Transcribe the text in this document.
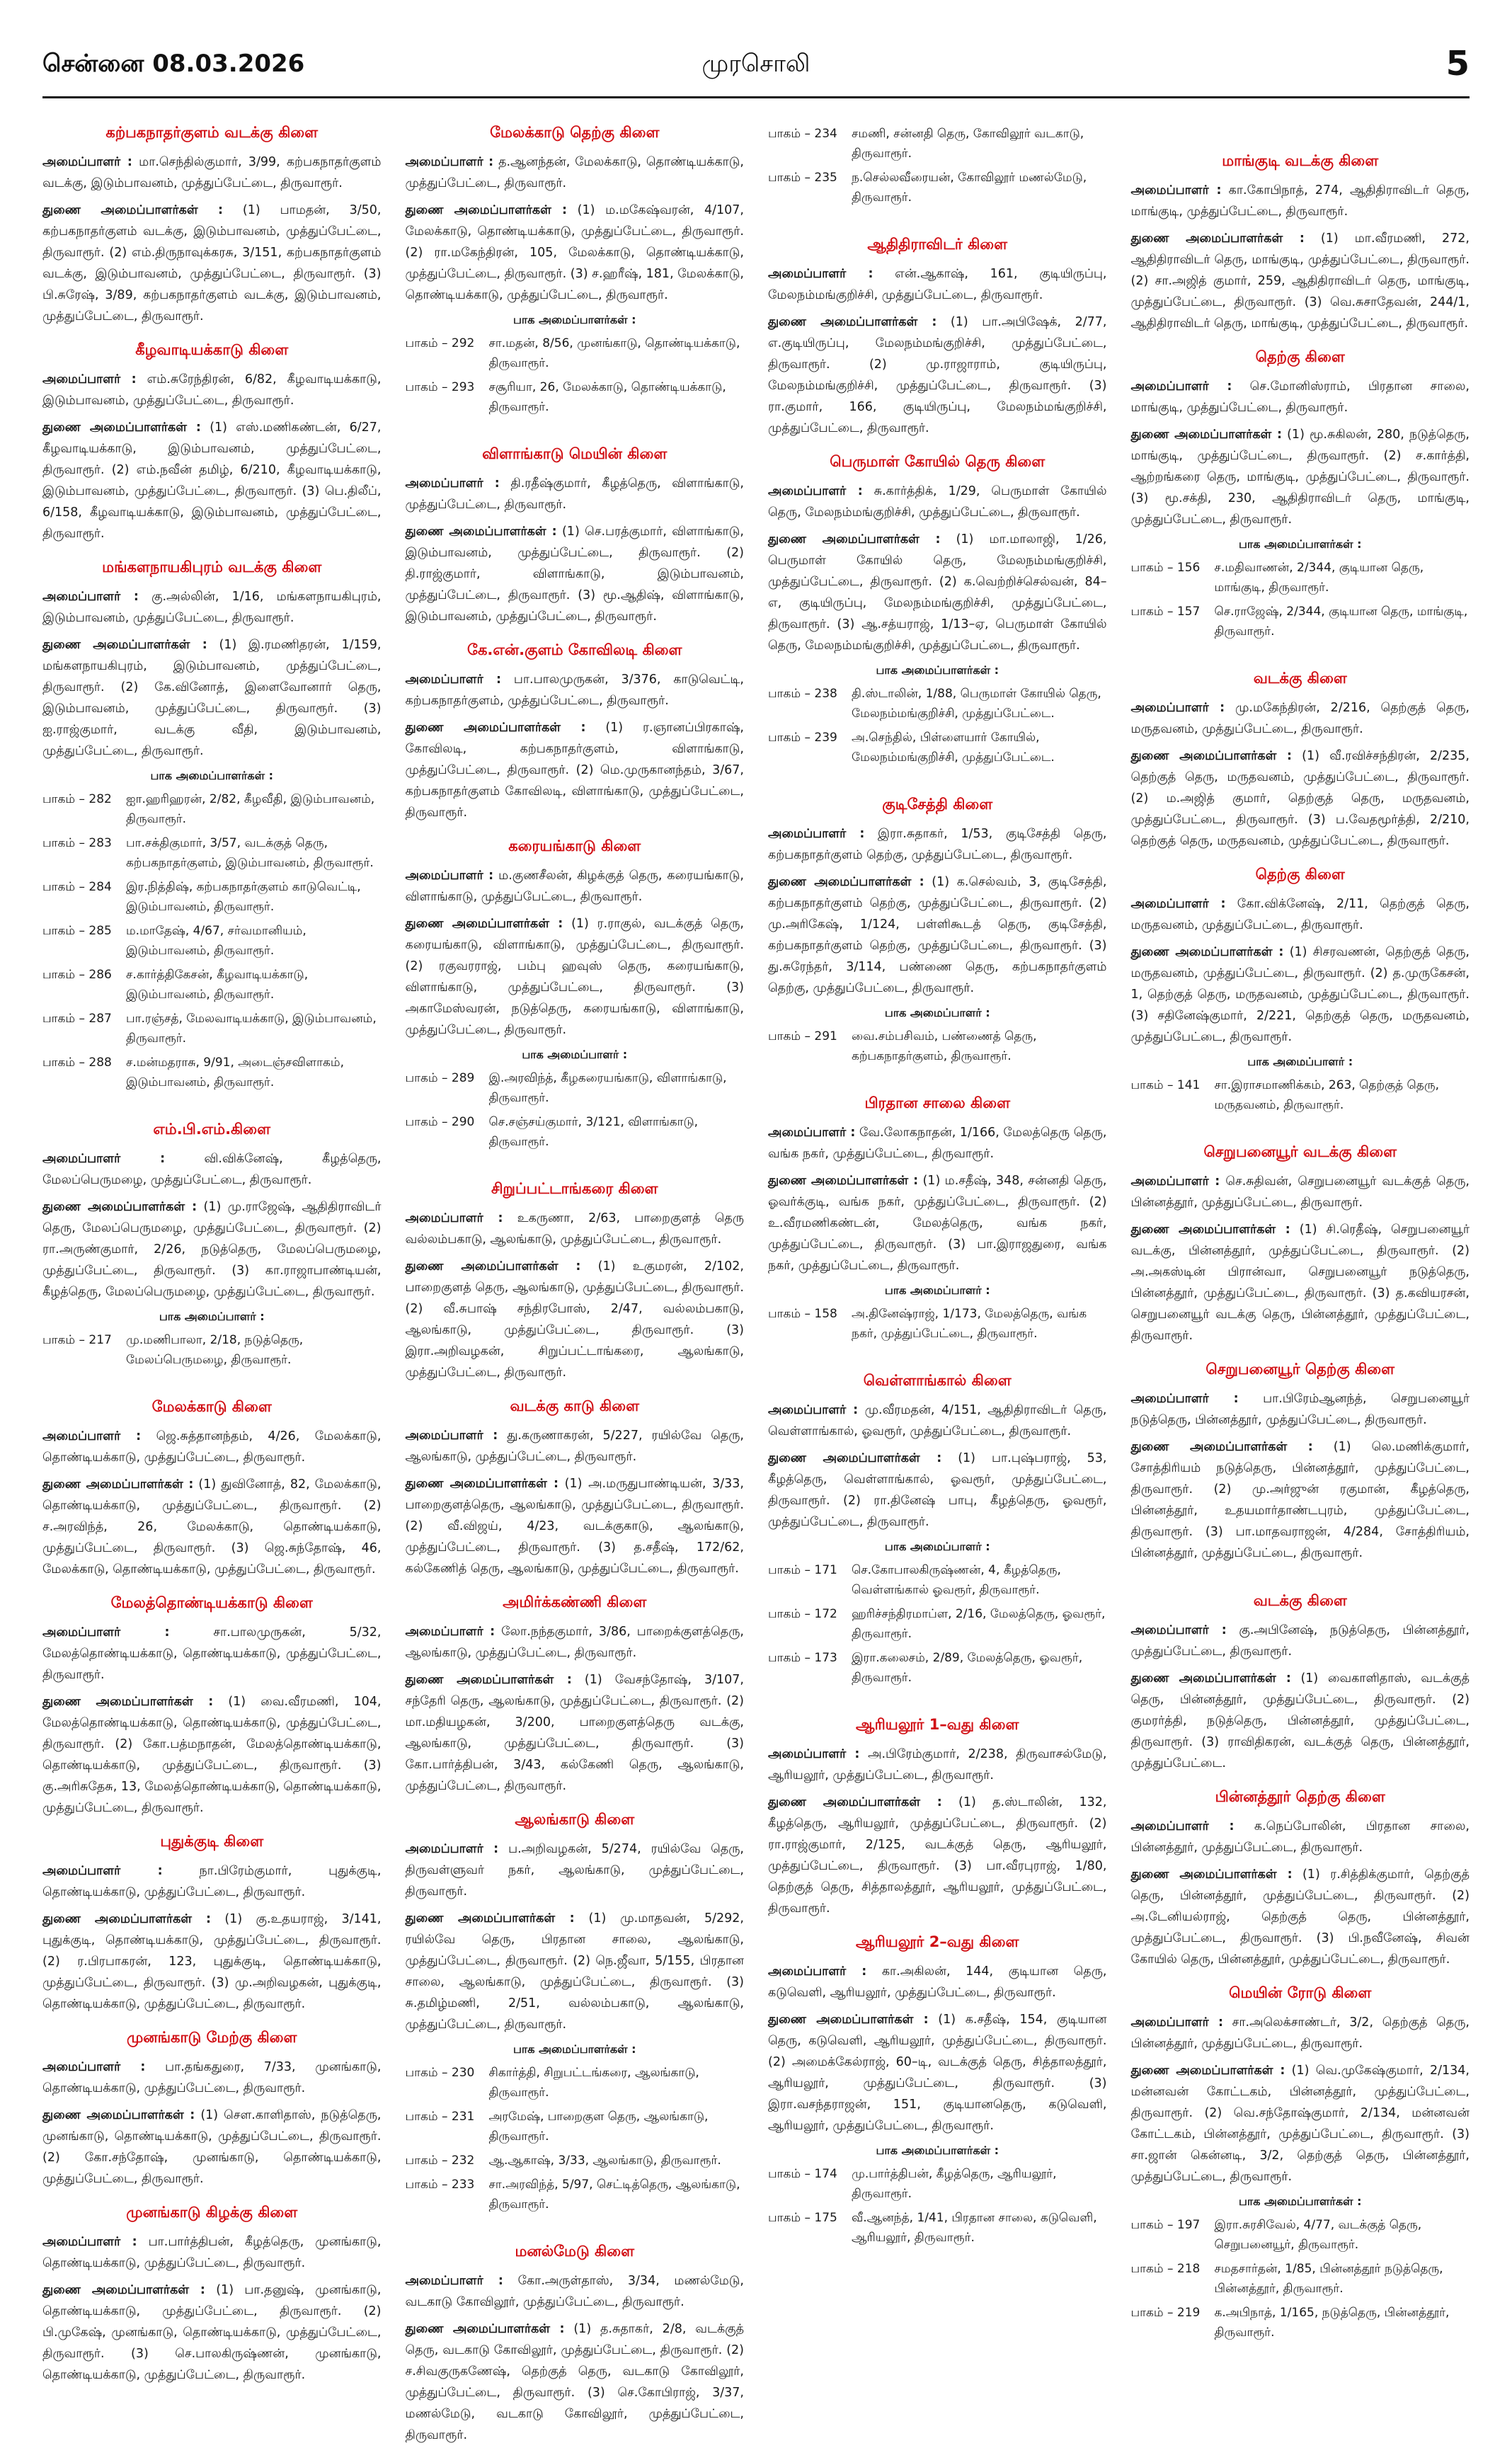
சென்னை 08.03.2026	முரசொலி	5
கற்பகநாதர்குளம் வடக்கு கிளை

அமைப்பாளர் : மா.செந்தில்குமார், 3/99, கற்பகநாதர்குளம் வடக்கு, இடும்பாவனம், முத்துப்பேட்டை, திருவாரூர்.

துணை அமைப்பாளர்கள் : (1) பாமதன், 3/50, கற்பகநாதர்குளம் வடக்கு, இடும்பாவனம், முத்துப்பேட்டை, திருவாரூர். (2) எம்.திருநாவுக்கரசு, 3/151, கற்பகநாதர்குளம் வடக்கு, இடும்பாவனம், முத்துப்பேட்டை, திருவாரூர். (3) பி.சுரேஷ், 3/89, கற்பகநாதர்குளம் வடக்கு, இடும்பாவனம், முத்துப்பேட்டை, திருவாரூர்.

கீழவாடியக்காடு கிளை

அமைப்பாளர் : எம்.சுரேந்திரன், 6/82, கீழவாடியக்காடு, இடும்பாவனம், முத்துப்பேட்டை, திருவாரூர்.

துணை அமைப்பாளர்கள் : (1) எஸ்.மணிகண்டன், 6/27, கீழவாடியக்காடு, இடும்பாவனம், முத்துப்பேட்டை, திருவாரூர். (2) எம்.நவீன் தமிழ், 6/210, கீழவாடியக்காடு, இடும்பாவனம், முத்துப்பேட்டை, திருவாரூர். (3) பெ.திலீப், 6/158, கீழவாடியக்காடு, இடும்பாவனம், முத்துப்பேட்டை, திருவாரூர்.

மங்களநாயகிபுரம் வடக்கு கிளை

அமைப்பாளர் : கு.அல்லின், 1/16, மங்களநாயகிபுரம், இடும்பாவனம், முத்துப்பேட்டை, திருவாரூர்.

துணை அமைப்பாளர்கள் : (1) இ.ரமணிதரன், 1/159, மங்களநாயகிபுரம், இடும்பாவனம், முத்துப்பேட்டை, திருவாரூர். (2) கே.வினோத், இளைவோனார் தெரு, இடும்பாவனம், முத்துப்பேட்டை, திருவாரூர். (3) ஐ.ராஜ்குமார், வடக்கு வீதி, இடும்பாவனம், முத்துப்பேட்டை, திருவாரூர்.

பாக அமைப்பாளர்கள் :
பாகம் – 282	ஐா.ஹரிஹரன், 2/82, கீழவீதி, இடும்பாவனம், திருவாரூர்.
பாகம் – 283	பா.சக்திகுமார், 3/57, வடக்குத் தெரு, கற்பகநாதர்குளம், இடும்பாவனம், திருவாரூர்.
பாகம் – 284	இர.நித்திஷ், கற்பகநாதர்குளம் காடுவெட்டி, இடும்பாவனம், திருவாரூர்.
பாகம் – 285	ம.மாதேஷ், 4/67, சர்வமானியம், இடும்பாவனம், திருவாரூர்.
பாகம் – 286	ச.கார்த்திகேசன், கீழவாடியக்காடு, இடும்பாவனம், திருவாரூர்.
பாகம் – 287	பா.ரஞ்சத், மேலவாடியக்காடு, இடும்பாவனம், திருவாரூர்.
பாகம் – 288	ச.மன்மதராசு, 9/91, அடைஞ்சவிளாகம், இடும்பாவனம், திருவாரூர்.
எம்.பி.எம்.கிளை

அமைப்பாளர் :	வி.விக்னேஷ், கீழத்தெரு, மேலப்பெருமழை, முத்துப்பேட்டை, திருவாரூர்.

துணை அமைப்பாளர்கள் : (1) மு.ராஜேஷ், ஆதிதிராவிடர் தெரு, மேலப்பெருமழை, முத்துப்பேட்டை, திருவாரூர். (2) ரா.அருண்குமார், 2/26, நடுத்தெரு, மேலப்பெருமழை, முத்துப்பேட்டை, திருவாரூர். (3) கா.ராஜாபாண்டியன், கீழத்தெரு, மேலப்பெருமழை, முத்துப்பேட்டை, திருவாரூர்.

பாக அமைப்பாளர் :
பாகம் – 217	மு.மணிபாலா, 2/18, நடுத்தெரு, மேலப்பெருமழை, திருவாரூர்.
மேலக்காடு கிளை

அமைப்பாளர் : ஜெ.சுத்தானந்தம், 4/26, மேலக்காடு, தொண்டியக்காடு, முத்துப்பேட்டை, திருவாரூர்.

துணை அமைப்பாளர்கள் : (1) துவினோத், 82, மேலக்காடு, தொண்டியக்காடு, முத்துப்பேட்டை, திருவாரூர். (2) ச.அரவிந்த், 26, மேலக்காடு, தொண்டியக்காடு, முத்துப்பேட்டை, திருவாரூர். (3) ஜெ.சுந்தோஷ், 46, மேலக்காடு, தொண்டியக்காடு, முத்துப்பேட்டை, திருவாரூர்.

மேலத்தொண்டியக்காடு கிளை

அமைப்பாளர் :	சா.பாலமுருகன், 5/32, மேலத்தொண்டியக்காடு, தொண்டியக்காடு, முத்துப்பேட்டை, திருவாரூர்.

துணை அமைப்பாளர்கள் : (1) வை.வீரமணி, 104, மேலத்தொண்டியக்காடு, தொண்டியக்காடு, முத்துப்பேட்டை, திருவாரூர். (2) கோ.பத்மநாதன், மேலத்தொண்டியக்காடு, தொண்டியக்காடு, முத்துப்பேட்டை, திருவாரூர். (3) கு.அரிசுதேசு, 13, மேலத்தொண்டியக்காடு, தொண்டியக்காடு, முத்துப்பேட்டை, திருவாரூர்.

புதுக்குடி கிளை

அமைப்பாளர் :	நா.பிரேம்குமார், புதுக்குடி, தொண்டியக்காடு, முத்துப்பேட்டை, திருவாரூர்.

துணை அமைப்பாளர்கள் : (1) கு.உதயராஜ், 3/141, புதுக்குடி, தொண்டியக்காடு, முத்துப்பேட்டை, திருவாரூர். (2) ர.பிரபாகரன், 123, புதுக்குடி, தொண்டியக்காடு, முத்துப்பேட்டை, திருவாரூர். (3) மு.அறிவழகன், புதுக்குடி, தொண்டியக்காடு, முத்துப்பேட்டை, திருவாரூர்.

முனங்காடு மேற்கு கிளை

அமைப்பாளர் : பா.தங்கதுரை, 7/33, முனங்காடு, தொண்டியக்காடு, முத்துப்பேட்டை, திருவாரூர்.

துணை அமைப்பாளர்கள் : (1) செள.காளிதாஸ், நடுத்தெரு, முனங்காடு, தொண்டியக்காடு, முத்துப்பேட்டை, திருவாரூர். (2) கோ.சந்தோஷ், முனங்காடு, தொண்டியக்காடு, முத்துப்பேட்டை, திருவாரூர்.

முனங்காடு கிழக்கு கிளை

அமைப்பாளர் : பா.பார்த்திபன், கீழத்தெரு, முனங்காடு, தொண்டியக்காடு, முத்துப்பேட்டை, திருவாரூர்.

துணை அமைப்பாளர்கள் : (1) பா.தனுஷ், முனங்காடு, தொண்டியக்காடு, முத்துப்பேட்டை, திருவாரூர். (2) பி.முகேஷ், முனங்காடு, தொண்டியக்காடு, முத்துப்பேட்டை, திருவாரூர். (3) செ.பாலகிருஷ்ணன், முனங்காடு, தொண்டியக்காடு, முத்துப்பேட்டை, திருவாரூர்.

மேலக்காடு தெற்கு கிளை

அமைப்பாளர் : த.ஆனந்தன், மேலக்காடு, தொண்டியக்காடு, முத்துப்பேட்டை, திருவாரூர்.

துணை அமைப்பாளர்கள் : (1) ம.மகேஷ்வரன், 4/107, மேலக்காடு, தொண்டியக்காடு, முத்துப்பேட்டை, திருவாரூர். (2) ரா.மகேந்திரன், 105, மேலக்காடு, தொண்டியக்காடு, முத்துப்பேட்டை, திருவாரூர். (3) ச.ஹரீஷ், 181, மேலக்காடு, தொண்டியக்காடு, முத்துப்பேட்டை, திருவாரூர்.

பாக அமைப்பாளர்கள் :
பாகம் – 292	சா.மதன், 8/56, முனங்காடு, தொண்டியக்காடு, திருவாரூர்.
பாகம் – 293	சசூரியா, 26, மேலக்காடு, தொண்டியக்காடு, திருவாரூர்.
விளாங்காடு மெயின் கிளை

அமைப்பாளர் : தி.ரதீஷ்குமார், கீழத்தெரு, விளாங்காடு, முத்துப்பேட்டை, திருவாரூர்.

துணை அமைப்பாளர்கள் : (1) செ.பரத்குமார், விளாங்காடு, இடும்பாவனம், முத்துப்பேட்டை, திருவாரூர். (2) தி.ராஜ்குமார், விளாங்காடு, இடும்பாவனம், முத்துப்பேட்டை, திருவாரூர். (3) மூ.ஆதிஷ், விளாங்காடு, இடும்பாவனம், முத்துப்பேட்டை, திருவாரூர்.

கே.என்.குளம் கோவிலடி கிளை

அமைப்பாளர் : பா.பாலமுருகன், 3/376, காடுவெட்டி, கற்பகநாதர்குளம், முத்துப்பேட்டை, திருவாரூர்.

துணை அமைப்பாளர்கள் : (1) ர.ஞானப்பிரகாஷ், கோவிலடி, கற்பகநாதர்குளம், விளாங்காடு, முத்துப்பேட்டை, திருவாரூர். (2) மெ.முருகானந்தம், 3/67, கற்பகநாதர்குளம் கோவிலடி, விளாங்காடு, முத்துப்பேட்டை, திருவாரூர்.

கரையங்காடு கிளை

அமைப்பாளர் : ம.குணசீலன், கிழக்குத் தெரு, கரையங்காடு, விளாங்காடு, முத்துப்பேட்டை, திருவாரூர்.

துணை அமைப்பாளர்கள் : (1) ர.ராகுல், வடக்குத் தெரு, கரையங்காடு, விளாங்காடு, முத்துப்பேட்டை, திருவாரூர். (2) ரகுவரராஜ், பம்பு ஹவுஸ் தெரு, கரையங்காடு, விளாங்காடு, முத்துப்பேட்டை, திருவாரூர். (3) அகாமேஸ்வரன், நடுத்தெரு, கரையங்காடு, விளாங்காடு, முத்துப்பேட்டை, திருவாரூர்.

பாக அமைப்பாளர் :
பாகம் – 289	இ.அரவிந்த், கீழகரையங்காடு, விளாங்காடு, திருவாரூர்.
பாகம் – 290	செ.சஞ்சய்குமார், 3/121, விளாங்காடு, திருவாரூர்.
சிறுப்பட்டாங்கரை கிளை

அமைப்பாளர் : உகருணா, 2/63, பாறைகுளத் தெரு வல்லம்பகாடு, ஆலங்காடு, முத்துப்பேட்டை, திருவாரூர்.

துணை அமைப்பாளர்கள் : (1) உகுமரன், 2/102, பாறைகுளத் தெரு, ஆலங்காடு, முத்துப்பேட்டை, திருவாரூர். (2) வீ.சுபாஷ் சந்திரபோஸ், 2/47, வல்லம்பகாடு, ஆலங்காடு, முத்துப்பேட்டை, திருவாரூர். (3) இரா.அறிவழகன், சிறுப்பட்டாங்கரை, ஆலங்காடு, முத்துப்பேட்டை, திருவாரூர்.

வடக்கு காடு கிளை

அமைப்பாளர் : து.கருணாகரன், 5/227, ரயில்வே தெரு, ஆலங்காடு, முத்துப்பேட்டை, திருவாரூர்.

துணை அமைப்பாளர்கள் : (1) அ.மருதுபாண்டியன், 3/33, பாறைகுளத்தெரு, ஆலங்காடு, முத்துப்பேட்டை, திருவாரூர். (2) வீ.விஜய், 4/23, வடக்குகாடு, ஆலங்காடு, முத்துப்பேட்டை, திருவாரூர். (3) த.சதீஷ், 172/62, கல்கேணித் தெரு, ஆலங்காடு, முத்துப்பேட்டை, திருவாரூர்.

அமிர்க்கண்ணி கிளை

அமைப்பாளர் : லோ.நந்தகுமார், 3/86, பாறைக்குளத்தெரு, ஆலங்காடு, முத்துப்பேட்டை, திருவாரூர்.

துணை அமைப்பாளர்கள் : (1) வேசந்தோஷ், 3/107, சந்தேரி தெரு, ஆலங்காடு, முத்துப்பேட்டை, திருவாரூர். (2) மா.மதியழகன், 3/200, பாறைகுளத்தெரு வடக்கு, ஆலங்காடு, முத்துப்பேட்டை, திருவாரூர். (3) கோ.பார்த்திபன், 3/43, கல்கேணி தெரு, ஆலங்காடு, முத்துப்பேட்டை, திருவாரூர்.

ஆலங்காடு கிளை

அமைப்பாளர் : ப.அறிவழகன், 5/274, ரயில்வே தெரு, திருவள்ளுவர் நகர், ஆலங்காடு, முத்துப்பேட்டை, திருவாரூர்.

துணை அமைப்பாளர்கள் : (1) மு.மாதவன், 5/292, ரயில்வே தெரு, பிரதான சாலை, ஆலங்காடு, முத்துப்பேட்டை, திருவாரூர். (2) நெ.ஜீவா, 5/155, பிரதான சாலை, ஆலங்காடு, முத்துப்பேட்டை, திருவாரூர். (3) சு.தமிழ்மணி, 2/51, வல்லம்பகாடு, ஆலங்காடு, முத்துப்பேட்டை, திருவாரூர்.

பாக அமைப்பாளர்கள் :
பாகம் – 230	சிகார்த்தி, சிறுபட்டங்கரை, ஆலங்காடு, திருவாரூர்.
பாகம் – 231	அரமேஷ், பாறைகுள தெரு, ஆலங்காடு, திருவாரூர்.
பாகம் – 232	ஆ.ஆகாஷ், 3/33, ஆலங்காடு, திருவாரூர்.
பாகம் – 233	சா.அரவிந்த், 5/97, செட்டித்தெரு, ஆலங்காடு, திருவாரூர்.
மனல்மேடு கிளை

அமைப்பாளர் : கோ.அருள்தாஸ், 3/34, மணல்மேடு, வடகாடு கோவிலூர், முத்துப்பேட்டை, திருவாரூர்.

துணை அமைப்பாளர்கள் : (1) த.சுதாகர், 2/8, வடக்குத் தெரு, வடகாடு கோவிலூர், முத்துப்பேட்டை, திருவாரூர். (2) ச.சிவகுருகணேஷ், தெற்குத் தெரு, வடகாடு கோவிலூர், முத்துப்பேட்டை, திருவாரூர். (3) செ.கோபிராஜ், 3/37, மணல்மேடு, வடகாடு கோவிலூர், முத்துப்பேட்டை, திருவாரூர்.

பாகம் – 234	சமணி, சன்னதி தெரு, கோவிலூர் வடகாடு, திருவாரூர்.
பாகம் – 235	ந.செல்லவீரையன், கோவிலூர் மணல்மேடு, திருவாரூர்.
ஆதிதிராவிடர் கிளை

அமைப்பாளர் : என்.ஆகாஷ், 161, குடியிருப்பு, மேலநம்மங்குறிச்சி, முத்துப்பேட்டை, திருவாரூர்.

துணை அமைப்பாளர்கள் : (1) பா.அபிஷேக், 2/77, எ.குடியிருப்பு, மேலநம்மங்குறிச்சி, முத்துப்பேட்டை, திருவாரூர். (2) மு.ராஜாராம், குடியிருப்பு, மேலநம்மங்குறிச்சி, முத்துப்பேட்டை, திருவாரூர். (3) ரா.குமார், 166, குடியிருப்பு, மேலநம்மங்குறிச்சி, முத்துப்பேட்டை, திருவாரூர்.

பெருமாள் கோயில் தெரு கிளை

அமைப்பாளர் : சு.கார்த்திக், 1/29, பெருமாள் கோயில் தெரு, மேலநம்மங்குறிச்சி, முத்துப்பேட்டை, திருவாரூர்.

துணை அமைப்பாளர்கள் : (1) மா.மாலாஜி, 1/26, பெருமாள் கோயில் தெரு, மேலநம்மங்குறிச்சி, முத்துப்பேட்டை, திருவாரூர். (2) க.வெற்றிச்செல்வன், 84–எ, குடியிருப்பு, மேலநம்மங்குறிச்சி, முத்துப்பேட்டை, திருவாரூர். (3) ஆ.சத்யராஜ், 1/13–ஏ, பெருமாள் கோயில் தெரு, மேலநம்மங்குறிச்சி, முத்துப்பேட்டை, திருவாரூர்.

பாக அமைப்பாளர்கள் :
பாகம் – 238	தி.ஸ்டாலின், 1/88, பெருமாள் கோயில் தெரு, மேலநம்மங்குறிச்சி, முத்துப்பேட்டை.
பாகம் – 239	அ.செந்தில், பிள்ளையார் கோயில், மேலநம்மங்குறிச்சி, முத்துப்பேட்டை.
குடிசேத்தி கிளை

அமைப்பாளர் : இரா.சுதாகர், 1/53, குடிசேத்தி தெரு, கற்பகநாதர்குளம் தெற்கு, முத்துப்பேட்டை, திருவாரூர்.

துணை அமைப்பாளர்கள் : (1) க.செல்வம், 3, குடிசேத்தி, கற்பகநாதர்குளம் தெற்கு, முத்துப்பேட்டை, திருவாரூர். (2) மு.அரிகேஷ், 1/124, பள்ளிகூடத் தெரு, குடிசேத்தி, கற்பகநாதர்குளம் தெற்கு, முத்துப்பேட்டை, திருவாரூர். (3) து.சுரேந்தர், 3/114, பண்ணை தெரு, கற்பகநாதர்குளம் தெற்கு, முத்துப்பேட்டை, திருவாரூர்.

பாக அமைப்பாளர் :
பாகம் – 291	வை.சம்பசிவம், பண்ணைத் தெரு, கற்பகநாதர்குளம், திருவாரூர்.
பிரதான சாலை கிளை

அமைப்பாளர் : வே.லோகநாதன், 1/166, மேலத்தெரு தெரு, வங்க நகர், முத்துப்பேட்டை, திருவாரூர்.

துணை அமைப்பாளர்கள் : (1) ம.சதீஷ், 348, சன்னதி தெரு, ஓவர்க்குடி, வங்க நகர், முத்துப்பேட்டை, திருவாரூர். (2) உ.வீரமணிகண்டன், மேலத்தெரு, வங்க நகர், முத்துப்பேட்டை, திருவாரூர். (3) பா.இராஜதுரை, வங்க நகர், முத்துப்பேட்டை, திருவாரூர்.

பாக அமைப்பாளர் :
பாகம் – 158	அ.தினேஷ்ராஜ், 1/173, மேலத்தெரு, வங்க நகர், முத்துப்பேட்டை, திருவாரூர்.
வெள்ளாங்கால் கிளை

அமைப்பாளர் : மு.வீரமதன், 4/151, ஆதிதிராவிடர் தெரு, வெள்ளாங்கால், ஓவரூர், முத்துப்பேட்டை, திருவாரூர்.

துணை அமைப்பாளர்கள் : (1) பா.புஷ்பராஜ், 53, கீழத்தெரு, வெள்ளாங்கால், ஓவரூர், முத்துப்பேட்டை, திருவாரூர். (2) ரா.தினேஷ் பாபு, கீழத்தெரு, ஓவரூர், முத்துப்பேட்டை, திருவாரூர்.

பாக அமைப்பாளர் :
பாகம் – 171	செ.கோபாலகிருஷ்ணன், 4, கீழத்தெரு, வெள்ளங்கால் ஓவரூர், திருவாரூர்.
பாகம் – 172	ஹரிச்சந்திரமாப்ள, 2/16, மேலத்தெரு, ஓவரூர், திருவாரூர்.
பாகம் – 173	இரா.கலைசம், 2/89, மேலத்தெரு, ஓவரூர், திருவாரூர்.
ஆரியலூர் 1–வது கிளை

அமைப்பாளர் : அ.பிரேம்குமார், 2/238, திருவாசல்மேடு, ஆரியலூர், முத்துப்பேட்டை, திருவாரூர்.

துணை அமைப்பாளர்கள் : (1) த.ஸ்டாலின், 132, கீழத்தெரு, ஆரியலூர், முத்துப்பேட்டை, திருவாரூர். (2) ரா.ராஜ்குமார், 2/125, வடக்குத் தெரு, ஆரியலூர், முத்துப்பேட்டை, திருவாரூர். (3) பா.வீரபுராஜ், 1/80, தெற்குத் தெரு, சித்தாலத்தூர், ஆரியலூர், முத்துப்பேட்டை, திருவாரூர்.

ஆரியலூர் 2–வது கிளை

அமைப்பாளர் : கா.அகிலன், 144, குடியான தெரு, கடுவெளி, ஆரியலூர், முத்துப்பேட்டை, திருவாரூர்.

துணை அமைப்பாளர்கள் : (1) க.சதீஷ், 154, குடியான தெரு, கடுவெளி, ஆரியலூர், முத்துப்பேட்டை, திருவாரூர். (2) அமைக்கேல்ராஜ், 60–டி, வடக்குத் தெரு, சித்தாலத்தூர், ஆரியலூர், முத்துப்பேட்டை, திருவாரூர். (3) இரா.வசந்தராஜன், 151, குடியானதெரு, கடுவெளி, ஆரியலூர், முத்துப்பேட்டை, திருவாரூர்.

பாக அமைப்பாளர்கள் :
பாகம் – 174	மு.பார்த்திபன், கீழத்தெரு, ஆரியலூர், திருவாரூர்.
பாகம் – 175	வீ.ஆனந்த், 1/41, பிரதான சாலை, கடுவெளி, ஆரியலூர், திருவாரூர்.
மாங்குடி வடக்கு கிளை

அமைப்பாளர் : கா.கோபிநாத், 274, ஆதிதிராவிடர் தெரு, மாங்குடி, முத்துப்பேட்டை, திருவாரூர்.

துணை அமைப்பாளர்கள் : (1) மா.வீரமணி, 272, ஆதிதிராவிடர் தெரு, மாங்குடி, முத்துப்பேட்டை, திருவாரூர். (2) சா.அஜித் குமார், 259, ஆதிதிராவிடர் தெரு, மாங்குடி, முத்துப்பேட்டை, திருவாரூர். (3) வெ.சுசாதேவன், 244/1, ஆதிதிராவிடர் தெரு, மாங்குடி, முத்துப்பேட்டை, திருவாரூர்.

தெற்கு கிளை

அமைப்பாளர் : செ.மோனிஸ்ராம், பிரதான சாலை, மாங்குடி, முத்துப்பேட்டை, திருவாரூர்.

துணை அமைப்பாளர்கள் : (1) மூ.சுகிலன், 280, நடுத்தெரு, மாங்குடி, முத்துப்பேட்டை, திருவாரூர். (2) ச.கார்த்தி, ஆற்றங்கரை தெரு, மாங்குடி, முத்துப்பேட்டை, திருவாரூர். (3) மூ.சக்தி, 230, ஆதிதிராவிடர் தெரு, மாங்குடி, முத்துப்பேட்டை, திருவாரூர்.

பாக அமைப்பாளர்கள் :
பாகம் – 156	ச.மதிவாணன், 2/344, குடியான தெரு, மாங்குடி, திருவாரூர்.
பாகம் – 157	செ.ராஜேஷ், 2/344, குடியான தெரு, மாங்குடி, திருவாரூர்.
வடக்கு கிளை

அமைப்பாளர் : மு.மகேந்திரன், 2/216, தெற்குத் தெரு, மருதவனம், முத்துப்பேட்டை, திருவாரூர்.

துணை அமைப்பாளர்கள் : (1) வீ.ரவிச்சந்திரன், 2/235, தெற்குத் தெரு, மருதவனம், முத்துப்பேட்டை, திருவாரூர். (2) ம.அஜித் குமார், தெற்குத் தெரு, மருதவனம், முத்துப்பேட்டை, திருவாரூர். (3) ப.வேதமூர்த்தி, 2/210, தெற்குத் தெரு, மருதவனம், முத்துப்பேட்டை, திருவாரூர்.

தெற்கு கிளை

அமைப்பாளர் : கோ.விக்னேஷ், 2/11, தெற்குத் தெரு, மருதவனம், முத்துப்பேட்டை, திருவாரூர்.

துணை அமைப்பாளர்கள் : (1) சிசரவணன், தெற்குத் தெரு, மருதவனம், முத்துப்பேட்டை, திருவாரூர். (2) த.முருகேசன், 1, தெற்குத் தெரு, மருதவனம், முத்துப்பேட்டை, திருவாரூர். (3) சதினேஷ்குமார், 2/221, தெற்குத் தெரு, மருதவனம், முத்துப்பேட்டை, திருவாரூர்.

பாக அமைப்பாளர் :
பாகம் – 141	சா.இராசமாணிக்கம், 263, தெற்குத் தெரு, மருதவனம், திருவாரூர்.
செறுபனையூர் வடக்கு கிளை

அமைப்பாளர் : செ.சுதிவன், செறுபனையூர் வடக்குத் தெரு, பின்னத்தூர், முத்துப்பேட்டை, திருவாரூர்.

துணை அமைப்பாளர்கள் : (1) சி.ரெதீஷ், செறுபனையூர் வடக்கு, பின்னத்தூர், முத்துப்பேட்டை, திருவாரூர். (2) அ.அகஸ்டின் பிரான்வா, செறுபனையூர் நடுத்தெரு, பின்னத்தூர், முத்துப்பேட்டை, திருவாரூர். (3) த.கவியரசன், செறுபனையூர் வடக்கு தெரு, பின்னத்தூர், முத்துப்பேட்டை, திருவாரூர்.

செறுபனையூர் தெற்கு கிளை

அமைப்பாளர் : பா.பிரேம்ஆனந்த், செறுபனையூர் நடுத்தெரு, பின்னத்தூர், முத்துப்பேட்டை, திருவாரூர்.

துணை அமைப்பாளர்கள் : (1) லெ.மணிக்குமார், சோத்திரியம் நடுத்தெரு, பின்னத்தூர், முத்துப்பேட்டை, திருவாரூர். (2) மு.அர்ஜுன் ரகுமான், கீழத்தெரு, பின்னத்தூர், உதயமார்தாண்டபுரம், முத்துப்பேட்டை, திருவாரூர். (3) பா.மாதவராஜன், 4/284, சோத்திரியம், பின்னத்தூர், முத்துப்பேட்டை, திருவாரூர்.

வடக்கு கிளை

அமைப்பாளர் : கு.அபினேஷ், நடுத்தெரு, பின்னத்தூர், முத்துப்பேட்டை, திருவாரூர்.

துணை அமைப்பாளர்கள் : (1) வைகாளிதாஸ், வடக்குத் தெரு, பின்னத்தூர், முத்துப்பேட்டை, திருவாரூர். (2) குமரர்த்தி, நடுத்தெரு, பின்னத்தூர், முத்துப்பேட்டை, திருவாரூர். (3) ராவிதிகரன், வடக்குத் தெரு, பின்னத்தூர், முத்துப்பேட்டை.

பின்னத்தூர் தெற்கு கிளை

அமைப்பாளர் : க.நெப்போலின், பிரதான சாலை, பின்னத்தூர், முத்துப்பேட்டை, திருவாரூர்.

துணை அமைப்பாளர்கள் : (1) ர.சித்திக்குமார், தெற்குத் தெரு, பின்னத்தூர், முத்துப்பேட்டை, திருவாரூர். (2) அ.டேனியல்ராஜ், தெற்குத் தெரு, பின்னத்தூர், முத்துப்பேட்டை, திருவாரூர். (3) பி.நவீனேஷ், சிவன் கோயில் தெரு, பின்னத்தூர், முத்துப்பேட்டை, திருவாரூர்.

மெயின் ரோடு கிளை

அமைப்பாளர் : சா.அலெக்சாண்டர், 3/2, தெற்குத் தெரு, பின்னத்தூர், முத்துப்பேட்டை, திருவாரூர்.

துணை அமைப்பாளர்கள் : (1) வெ.முகேஷ்குமார், 2/134, மன்னவன் கோட்டகம், பின்னத்தூர், முத்துப்பேட்டை, திருவாரூர். (2) வெ.சந்தோஷ்குமார், 2/134, மன்னவன் கோட்டகம், பின்னத்தூர், முத்துப்பேட்டை, திருவாரூர். (3) சா.ஜான் கென்னடி, 3/2, தெற்குத் தெரு, பின்னத்தூர், முத்துப்பேட்டை, திருவாரூர்.

பாக அமைப்பாளர்கள் :
பாகம் – 197	இரா.சுரசிவேல், 4/77, வடக்குத் தெரு, செறுபனையூர், திருவாரூர்.
பாகம் – 218	சமதசார்தன், 1/85, பின்னத்தூர் நடுத்தெரு, பின்னத்தூர், திருவாரூர்.
பாகம் – 219	க.அபிநாத், 1/165, நடுத்தெரு, பின்னத்தூர், திருவாரூர்.
